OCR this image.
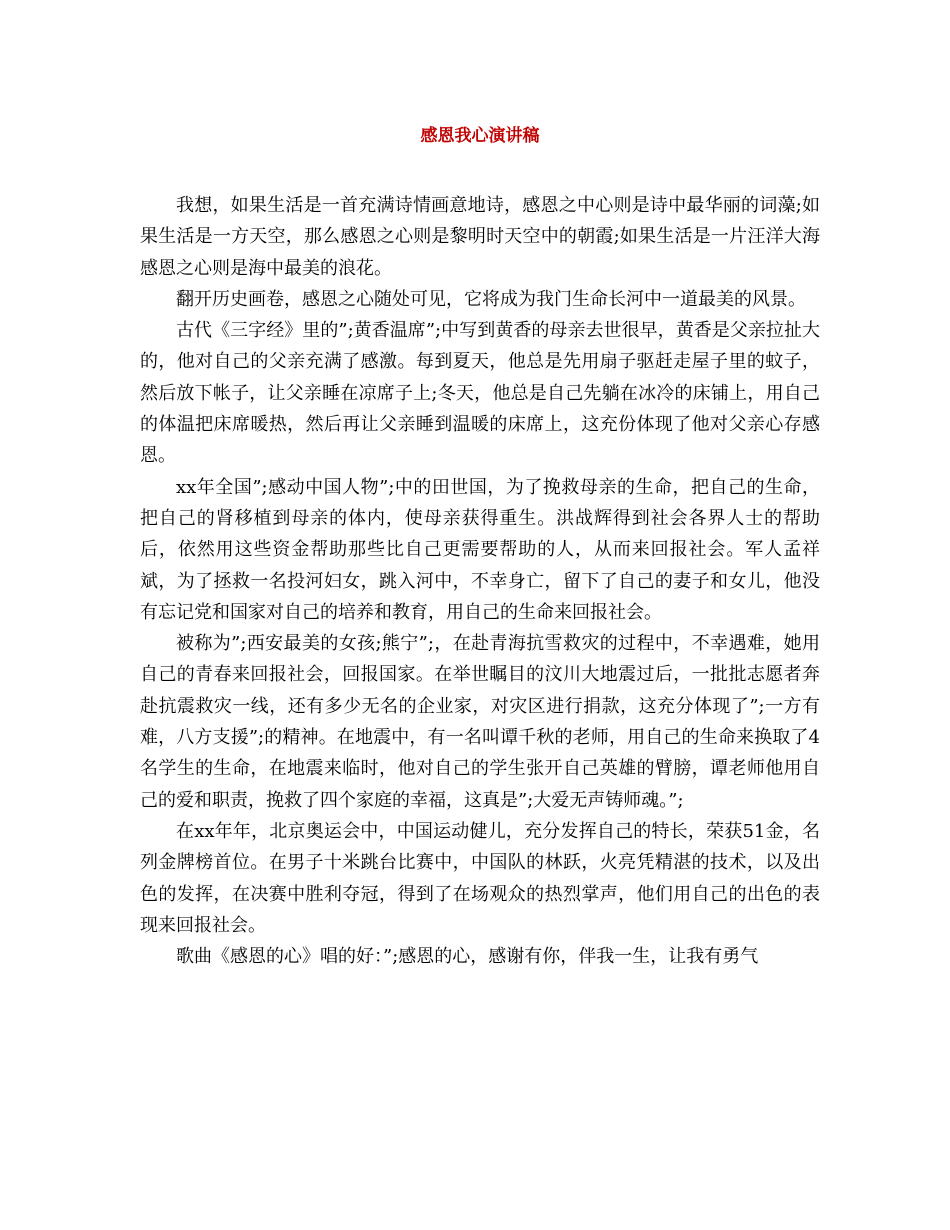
感恩我心演讲稿

我想，如果生活是一首充满诗情画意地诗，感恩之中心则是诗中最华丽的词藻;如果生活是一方天空，那么感恩之心则是黎明时天空中的朝霞;如果生活是一片汪洋大海感恩之心则是海中最美的浪花。

翻开历史画卷，感恩之心随处可见，它将成为我门生命长河中一道最美的风景。

古代《三字经》里的”;黄香温席”;中写到黄香的母亲去世很早，黄香是父亲拉扯大的，他对自己的父亲充满了感激。每到夏天，他总是先用扇子驱赶走屋子里的蚊子，然后放下帐子，让父亲睡在凉席子上;冬天，他总是自己先躺在冰冷的床铺上，用自己的体温把床席暖热，然后再让父亲睡到温暖的床席上，这充份体现了他对父亲心存感恩。

xx年全国”;感动中国人物”;中的田世国，为了挽救母亲的生命，把自己的生命，把自己的肾移植到母亲的体内，使母亲获得重生。洪战辉得到社会各界人士的帮助后，依然用这些资金帮助那些比自己更需要帮助的人，从而来回报社会。军人孟祥斌，为了拯救一名投河妇女，跳入河中，不幸身亡，留下了自己的妻子和女儿，他没有忘记党和国家对自己的培养和教育，用自己的生命来回报社会。

被称为”;西安最美的女孩;熊宁”;，在赴青海抗雪救灾的过程中，不幸遇难，她用自己的青春来回报社会，回报国家。在举世瞩目的汶川大地震过后，一批批志愿者奔赴抗震救灾一线，还有多少无名的企业家，对灾区进行捐款，这充分体现了”;一方有难，八方支援”;的精神。在地震中，有一名叫谭千秋的老师，用自己的生命来换取了4名学生的生命，在地震来临时，他对自己的学生张开自己英雄的臂膀，谭老师他用自己的爱和职责，挽救了四个家庭的幸福，这真是”;大爱无声铸师魂。”;

在xx年年，北京奥运会中，中国运动健儿，充分发挥自己的特长，荣获51金，名列金牌榜首位。在男子十米跳台比赛中，中国队的林跃，火亮凭精湛的技术，以及出色的发挥，在决赛中胜利夺冠，得到了在场观众的热烈掌声，他们用自己的出色的表现来回报社会。

歌曲《感恩的心》唱的好：”;感恩的心，感谢有你，伴我一生，让我有勇气
